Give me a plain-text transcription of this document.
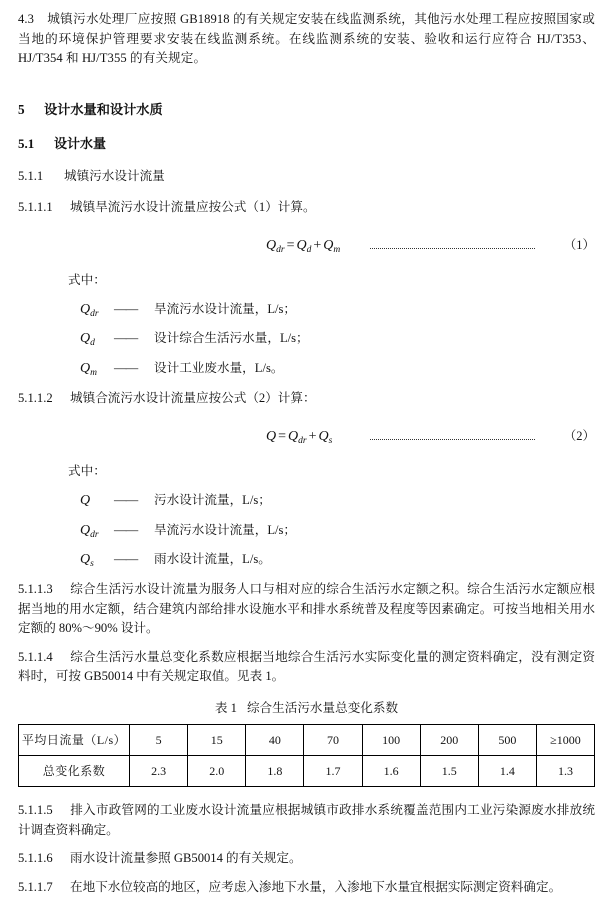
4.3　城镇污水处理厂应按照 GB18918 的有关规定安装在线监测系统，其他污水处理工程应按照国家或当地的环境保护管理要求安装在线监测系统。在线监测系统的安装、验收和运行应符合 HJ/T353、HJ/T354 和 HJ/T355 的有关规定。

5 设计水量和设计水质

5.1 设计水量

5.1.1 城镇污水设计流量

5.1.1.1 城镇旱流污水设计流量应按公式（1）计算。

$Q_{dr} = Q_d + Q_m$	（1）

式中：

$Q_{dr}$	——	旱流污水设计流量，L/s；
$Q_d$	——	设计综合生活污水量，L/s；
$Q_m$	——	设计工业废水量，L/s。

5.1.1.2 城镇合流污水设计流量应按公式（2）计算：

$Q = Q_{dr} + Q_s$	（2）

式中：

Q	——	污水设计流量，L/s；
$Q_{dr}$	——	旱流污水设计流量，L/s；
$Q_s$	——	雨水设计流量，L/s。

5.1.1.3 综合生活污水设计流量为服务人口与相对应的综合生活污水定额之积。综合生活污水定额应根据当地的用水定额，结合建筑内部给排水设施水平和排水系统普及程度等因素确定。可按当地相关用水定额的 80%～90% 设计。

5.1.1.4 综合生活污水量总变化系数应根据当地综合生活污水实际变化量的测定资料确定，没有测定资料时，可按 GB50014 中有关规定取值。见表 1。

表 1 综合生活污水量总变化系数

平均日流量（L/s）	5	15	40	70	100	200	500	≥1000
总变化系数	2.3	2.0	1.8	1.7	1.6	1.5	1.4	1.3

5.1.1.5 排入市政管网的工业废水设计流量应根据城镇市政排水系统覆盖范围内工业污染源废水排放统计调查资料确定。

5.1.1.6 雨水设计流量参照 GB50014 的有关规定。

5.1.1.7 在地下水位较高的地区，应考虑入渗地下水量，入渗地下水量宜根据实际测定资料确定。
